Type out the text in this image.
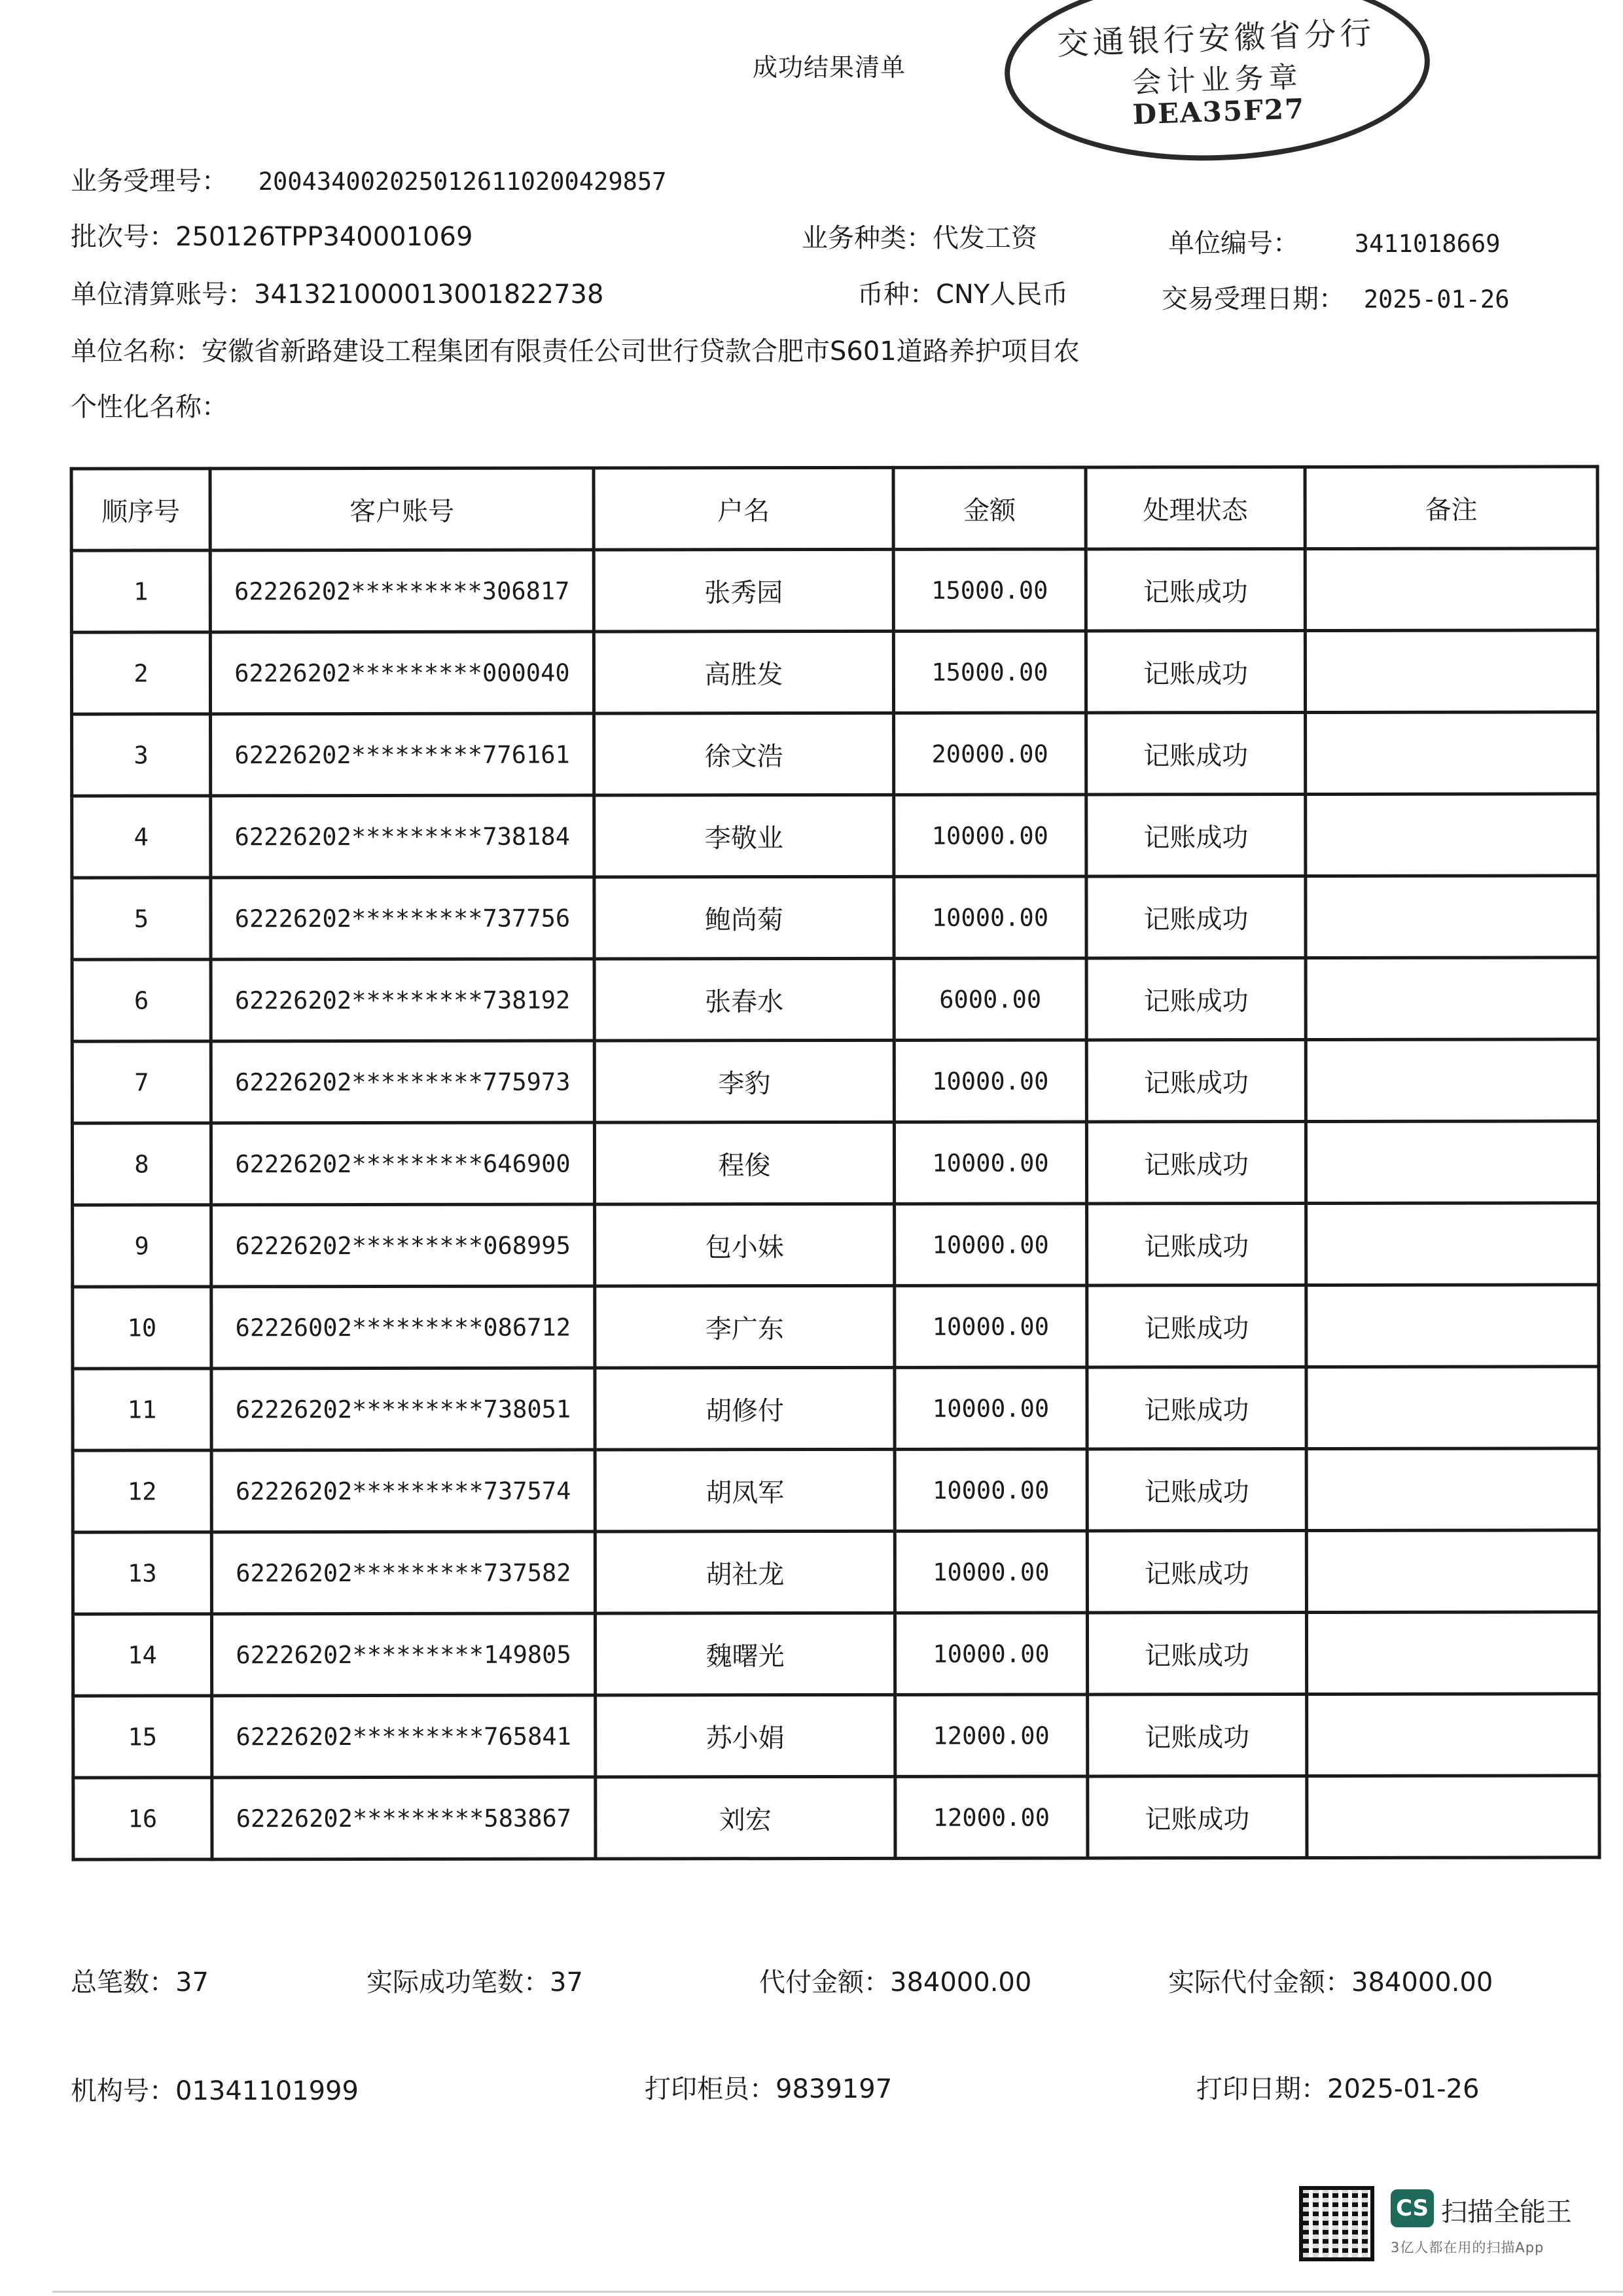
成功结果清单
交通银行安徽省分行
会计业务章
DEA35F27
业务受理号： 20043400202501261102004298​57
批次号：250126TPP340001069	业务种类：代发工资	单位编号： 3411018669
单位清算账号：341321000013001822738	币种：CNY人民币	交易受理日期： 2025-01-26
单位名称：安徽省新路建设工程集团有限责任公司世行贷款合肥市S601道路养护项目农
个性化名称：
顺序号	客户账号	户名	金额	处理状态	备注
1	62226202*********306817	张秀园	15000.00	记账成功	
2	62226202*********000040	高胜发	15000.00	记账成功	
3	62226202*********776161	徐文浩	20000.00	记账成功	
4	62226202*********738184	李敬业	10000.00	记账成功	
5	62226202*********737756	鲍尚菊	10000.00	记账成功	
6	62226202*********738192	张春水	6000.00	记账成功	
7	62226202*********775973	李豹	10000.00	记账成功	
8	62226202*********646900	程俊	10000.00	记账成功	
9	62226202*********068995	包小妹	10000.00	记账成功	
10	62226002*********086712	李广东	10000.00	记账成功	
11	62226202*********738051	胡修付	10000.00	记账成功	
12	62226202*********737574	胡凤军	10000.00	记账成功	
13	62226202*********737582	胡社龙	10000.00	记账成功	
14	62226202*********149805	魏曙光	10000.00	记账成功	
15	62226202*********765841	苏小娟	12000.00	记账成功	
16	62226202*********583867	刘宏	12000.00	记账成功	
总笔数：37	实际成功笔数：37	代付金额：384000.00	实际代付金额：384000.00
机构号：01341101999	打印柜员：9839197	打印日期：2025-01-26
CS 扫描全能王
3亿人都在用的扫描App
